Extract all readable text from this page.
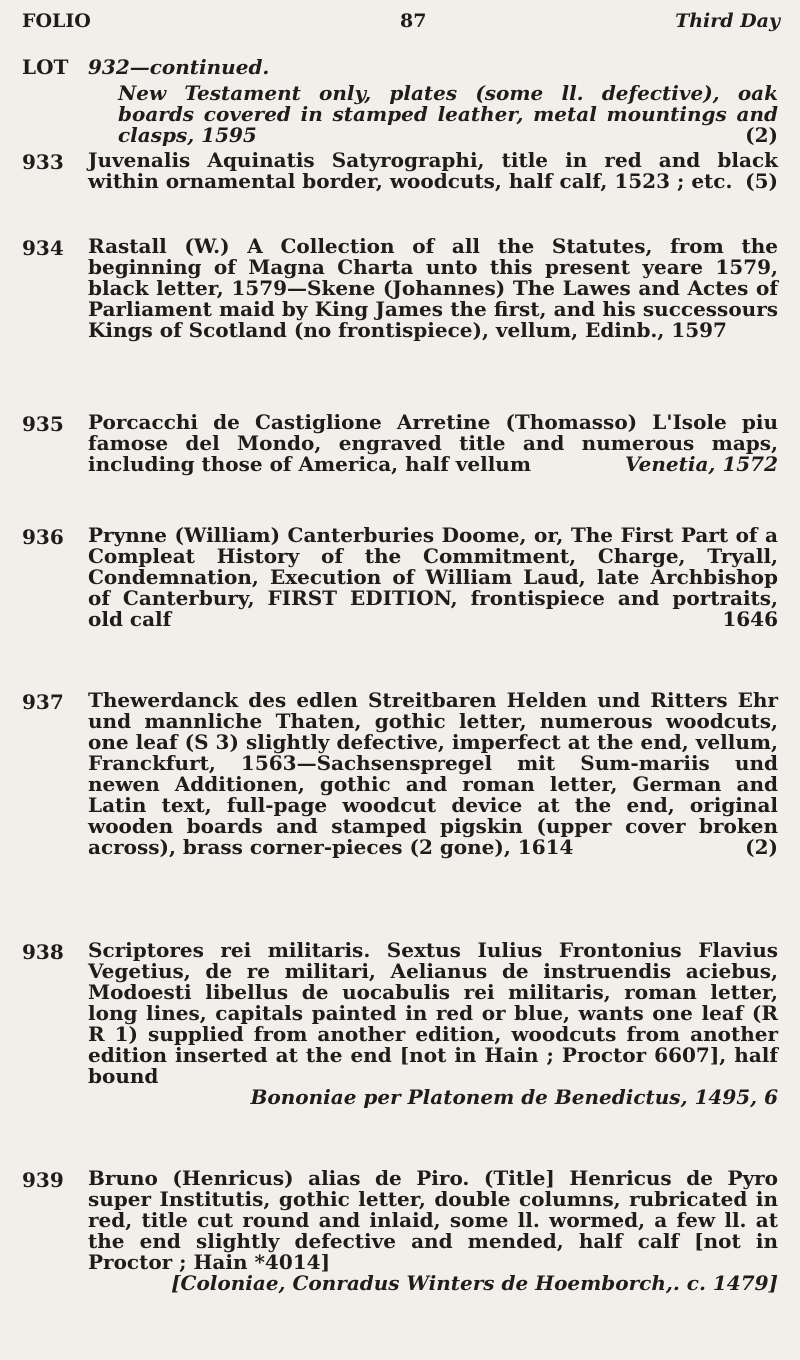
FOLIO	87	Third Day
LOT 932—continued.
New Testament only, plates (some ll. defective), oak boards covered in stamped leather, metal mountings and clasps, 1595	(2)
933	Juvenalis Aquinatis Satyrographi, title in red and black within ornamental border, woodcuts, half calf, 1523 ; etc. (5)
934	Rastall (W.) A Collection of all the Statutes, from the beginning of Magna Charta unto this present yeare 1579, black letter, 1579—Skene (Johannes) The Lawes and Actes of Parliament maid by King James the first, and his successours Kings of Scotland (no frontispiece), vellum, Edinb., 1597
935	Porcacchi de Castiglione Arretine (Thomasso) L'Isole piu famose del Mondo, engraved title and numerous maps, including those of America, half vellum	Venetia, 1572
936	Prynne (William) Canterburies Doome, or, The First Part of a Compleat History of the Commitment, Charge, Tryall, Condemnation, Execution of William Laud, late Archbishop of Canterbury, FIRST EDITION, frontispiece and portraits, old calf	1646
937	Thewerdanck des edlen Streitbaren Helden und Ritters Ehr und mannliche Thaten, gothic letter, numerous woodcuts, one leaf (S 3) slightly defective, imperfect at the end, vellum, Franckfurt, 1563—Sachsenspregel mit Sum-mariis und newen Additionen, gothic and roman letter, German and Latin text, full-page woodcut device at the end, original wooden boards and stamped pigskin (upper cover broken across), brass corner-pieces (2 gone), 1614	(2)
938	Scriptores rei militaris. Sextus Iulius Frontonius Flavius Vegetius, de re militari, Aelianus de instruendis aciebus, Modoesti libellus de uocabulis rei militaris, roman letter, long lines, capitals painted in red or blue, wants one leaf (R R 1) supplied from another edition, woodcuts from another edition inserted at the end [not in Hain ; Proctor 6607], half bound
Bononiae per Platonem de Benedictus, 1495, 6
939	Bruno (Henricus) alias de Piro. (Title] Henricus de Pyro super Institutis, gothic letter, double columns, rubricated in red, title cut round and inlaid, some ll. wormed, a few ll. at the end slightly defective and mended, half calf [not in Proctor ; Hain *4014]
[Coloniae, Conradus Winters de Hoemborch,. c. 1479]
